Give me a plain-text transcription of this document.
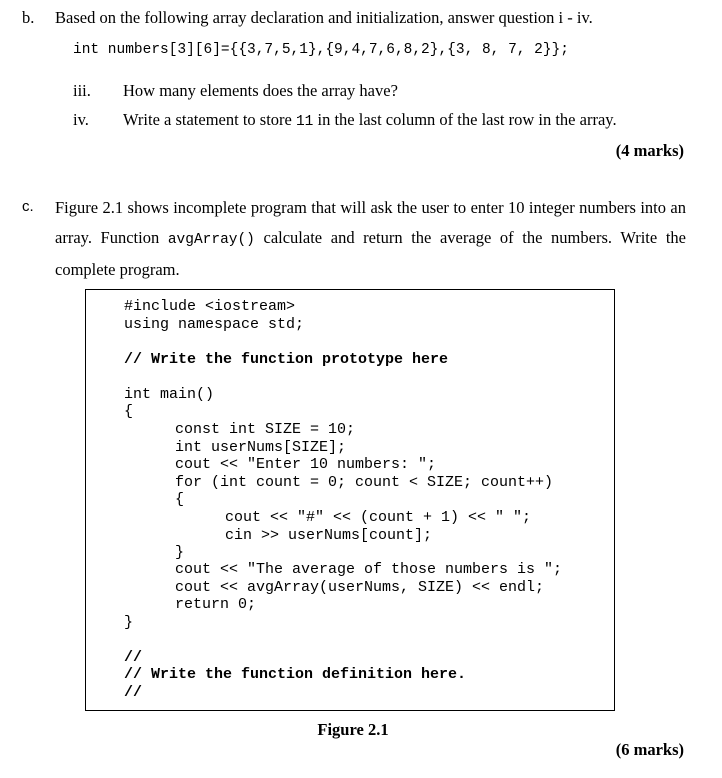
b. Based on the following array declaration and initialization, answer question i - iv.
int numbers[3][6]={{3,7,5,1},{9,4,7,6,8,2},{3, 8, 7, 2}};
iii. How many elements does the array have?
iv. Write a statement to store 11 in the last column of the last row in the array.
(4 marks)
c. Figure 2.1 shows incomplete program that will ask the user to enter 10 integer numbers into an array. Function avgArray() calculate and return the average of the numbers. Write the complete program.
#include <iostream>
using namespace std;
// Write the function prototype here
int main()
{
const int SIZE = 10;
int userNums[SIZE];
cout << "Enter 10 numbers: ";
for (int count = 0; count < SIZE; count++)
{
cout << "#" << (count + 1) << " ";
cin >> userNums[count];
}
cout << "The average of those numbers is ";
cout << avgArray(userNums, SIZE) << endl;
return 0;
}
//
// Write the function definition here.
//
Figure 2.1
(6 marks)
